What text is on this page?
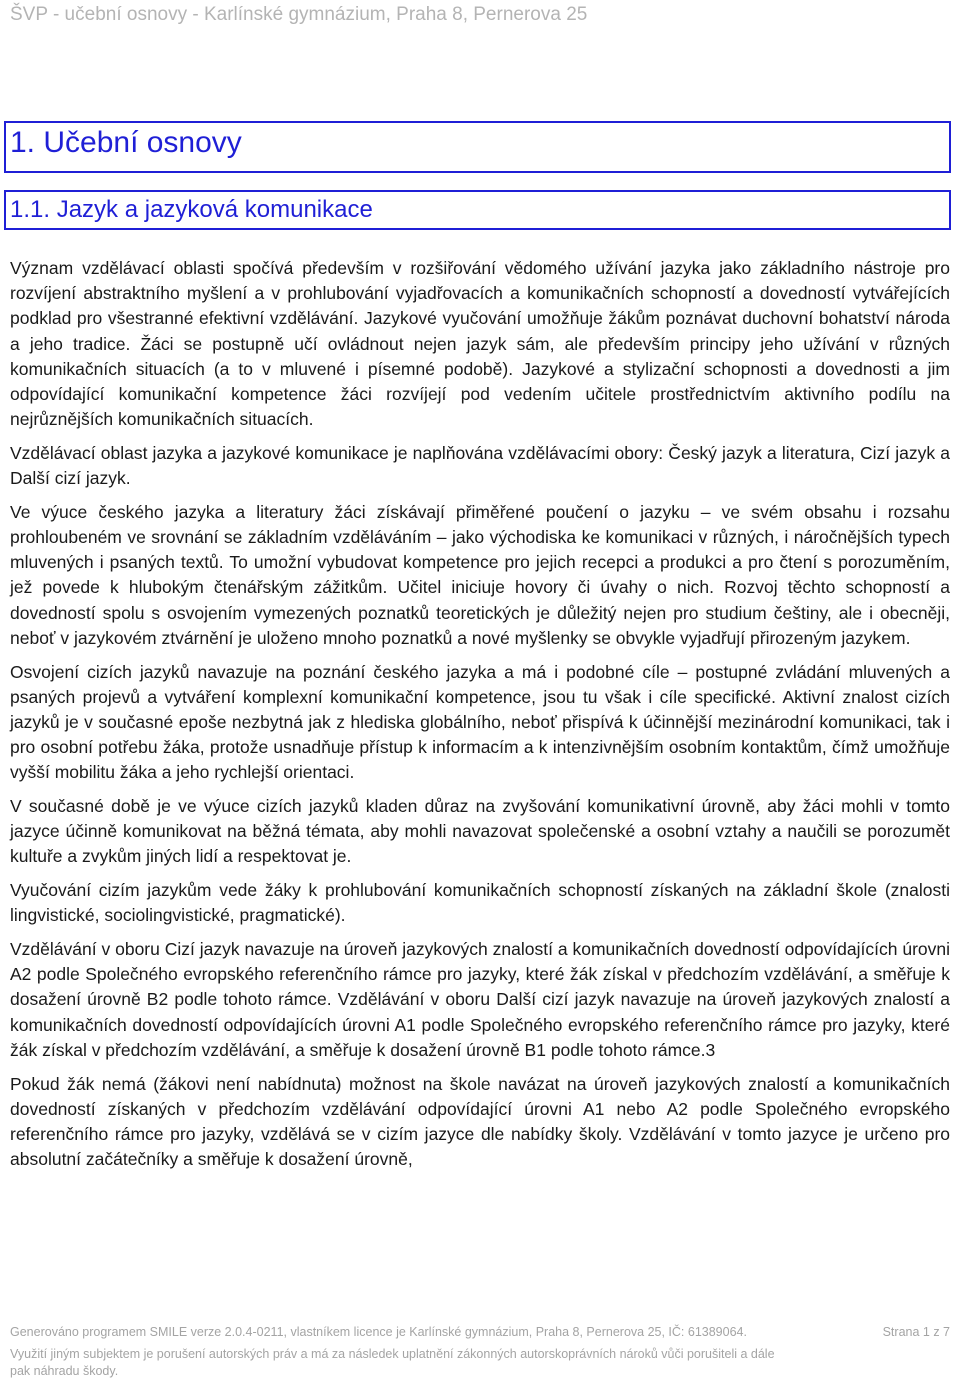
ŠVP - učební osnovy - Karlínské gymnázium, Praha 8, Pernerova 25
1. Učební osnovy
1.1. Jazyk a jazyková komunikace

Význam vzdělávací oblasti spočívá především v rozšiřování vědomého užívání jazyka jako základního nástroje pro rozvíjení abstraktního myšlení a v prohlubování vyjadřovacích a komunikačních schopností a dovedností vytvářejících podklad pro všestranné efektivní vzdělávání. Jazykové vyučování umožňuje žákům poznávat duchovní bohatství národa a jeho tradice. Žáci se postupně učí ovládnout nejen jazyk sám, ale především principy jeho užívání v různých komunikačních situacích (a to v mluvené i písemné podobě). Jazykové a stylizační schopnosti a dovednosti a jim odpovídající komunikační kompetence žáci rozvíjejí pod vedením učitele prostřednictvím aktivního podílu na nejrůznějších komunikačních situacích.

Vzdělávací oblast jazyka a jazykové komunikace je naplňována vzdělávacími obory: Český jazyk a literatura, Cizí jazyk a Další cizí jazyk.

Ve výuce českého jazyka a literatury žáci získávají přiměřené poučení o jazyku – ve svém obsahu i rozsahu prohloubeném ve srovnání se základním vzděláváním – jako východiska ke komunikaci v různých, i náročnějších typech mluvených i psaných textů. To umožní vybudovat kompetence pro jejich recepci a produkci a pro čtení s porozuměním, jež povede k hlubokým čtenářským zážitkům. Učitel iniciuje hovory či úvahy o nich. Rozvoj těchto schopností a dovedností spolu s osvojením vymezených poznatků teoretických je důležitý nejen pro studium češtiny, ale i obecněji, neboť v jazykovém ztvárnění je uloženo mnoho poznatků a nové myšlenky se obvykle vyjadřují přirozeným jazykem.

Osvojení cizích jazyků navazuje na poznání českého jazyka a má i podobné cíle – postupné zvládání mluvených a psaných projevů a vytváření komplexní komunikační kompetence, jsou tu však i cíle specifické. Aktivní znalost cizích jazyků je v současné epoše nezbytná jak z hlediska globálního, neboť přispívá k účinnější mezinárodní komunikaci, tak i pro osobní potřebu žáka, protože usnadňuje přístup k informacím a k intenzivnějším osobním kontaktům, čímž umožňuje vyšší mobilitu žáka a jeho rychlejší orientaci.

V současné době je ve výuce cizích jazyků kladen důraz na zvyšování komunikativní úrovně, aby žáci mohli v tomto jazyce účinně komunikovat na běžná témata, aby mohli navazovat společenské a osobní vztahy a naučili se porozumět kultuře a zvykům jiných lidí a respektovat je.

Vyučování cizím jazykům vede žáky k prohlubování komunikačních schopností získaných na základní škole (znalosti lingvistické, sociolingvistické, pragmatické).

Vzdělávání v oboru Cizí jazyk navazuje na úroveň jazykových znalostí a komunikačních dovedností odpovídajících úrovni A2 podle Společného evropského referenčního rámce pro jazyky, které žák získal v předchozím vzdělávání, a směřuje k dosažení úrovně B2 podle tohoto rámce. Vzdělávání v oboru Další cizí jazyk navazuje na úroveň jazykových znalostí a komunikačních dovedností odpovídajících úrovni A1 podle Společného evropského referenčního rámce pro jazyky, které žák získal v předchozím vzdělávání, a směřuje k dosažení úrovně B1 podle tohoto rámce.3

Pokud žák nemá (žákovi není nabídnuta) možnost na škole navázat na úroveň jazykových znalostí a komunikačních dovedností získaných v předchozím vzdělávání odpovídající úrovni A1 nebo A2 podle Společného evropského referenčního rámce pro jazyky, vzdělává se v cizím jazyce dle nabídky školy. Vzdělávání v tomto jazyce je určeno pro absolutní začátečníky a směřuje k dosažení úrovně,

Generováno programem SMILE verze 2.0.4-0211, vlastníkem licence je Karlínské gymnázium, Praha 8, Pernerova 25, IČ: 61389064.	Strana 1 z 7
Využití jiným subjektem je porušení autorských práv a má za následek uplatnění zákonných autorskoprávních nároků vůči porušiteli a dále pak náhradu škody.
